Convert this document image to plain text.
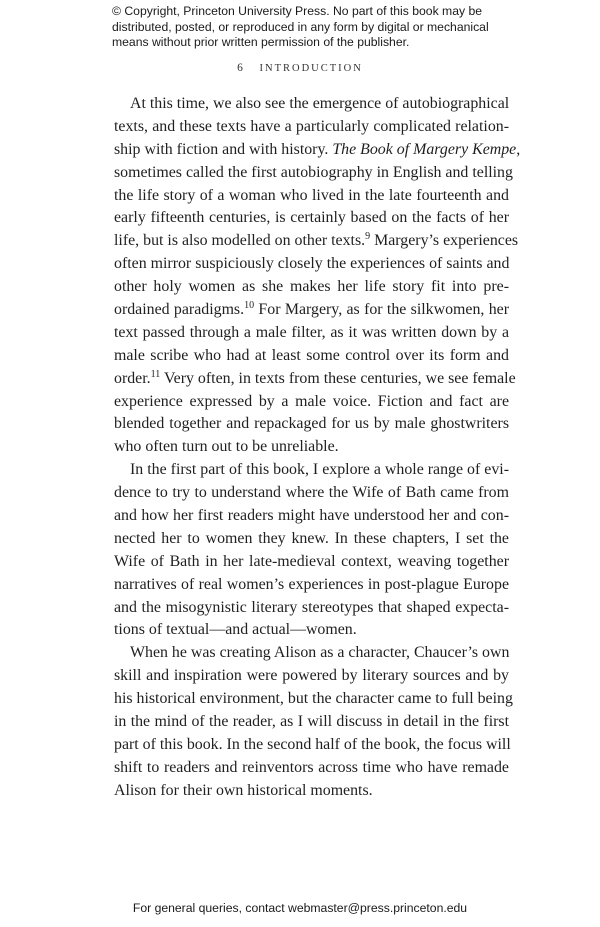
© Copyright, Princeton University Press. No part of this book may be
distributed, posted, or reproduced in any form by digital or mechanical
means without prior written permission of the publisher.
6 INTRODUCTION
At this time, we also see the emergence of autobiographical
texts, and these texts have a particularly complicated relation-
ship with fiction and with history. The Book of Margery Kempe,
sometimes called the first autobiography in English and telling
the life story of a woman who lived in the late fourteenth and
early fifteenth centuries, is certainly based on the facts of her
life, but is also modelled on other texts.$^9$ Margery’s experiences
often mirror suspiciously closely the experiences of saints and
other holy women as she makes her life story fit into pre-
ordained paradigms.$^{10}$ For Margery, as for the silkwomen, her
text passed through a male filter, as it was written down by a
male scribe who had at least some control over its form and
order.$^{11}$ Very often, in texts from these centuries, we see female
experience expressed by a male voice. Fiction and fact are
blended together and repackaged for us by male ghostwriters
who often turn out to be unreliable.
In the first part of this book, I explore a whole range of evi-
dence to try to understand where the Wife of Bath came from
and how her first readers might have understood her and con-
nected her to women they knew. In these chapters, I set the
Wife of Bath in her late-medieval context, weaving together
narratives of real women’s experiences in post-plague Europe
and the misogynistic literary stereotypes that shaped expecta-
tions of textual—and actual—women.
When he was creating Alison as a character, Chaucer’s own
skill and inspiration were powered by literary sources and by
his historical environment, but the character came to full being
in the mind of the reader, as I will discuss in detail in the first
part of this book. In the second half of the book, the focus will
shift to readers and reinventors across time who have remade
Alison for their own historical moments.
For general queries, contact webmaster@press.princeton.edu
